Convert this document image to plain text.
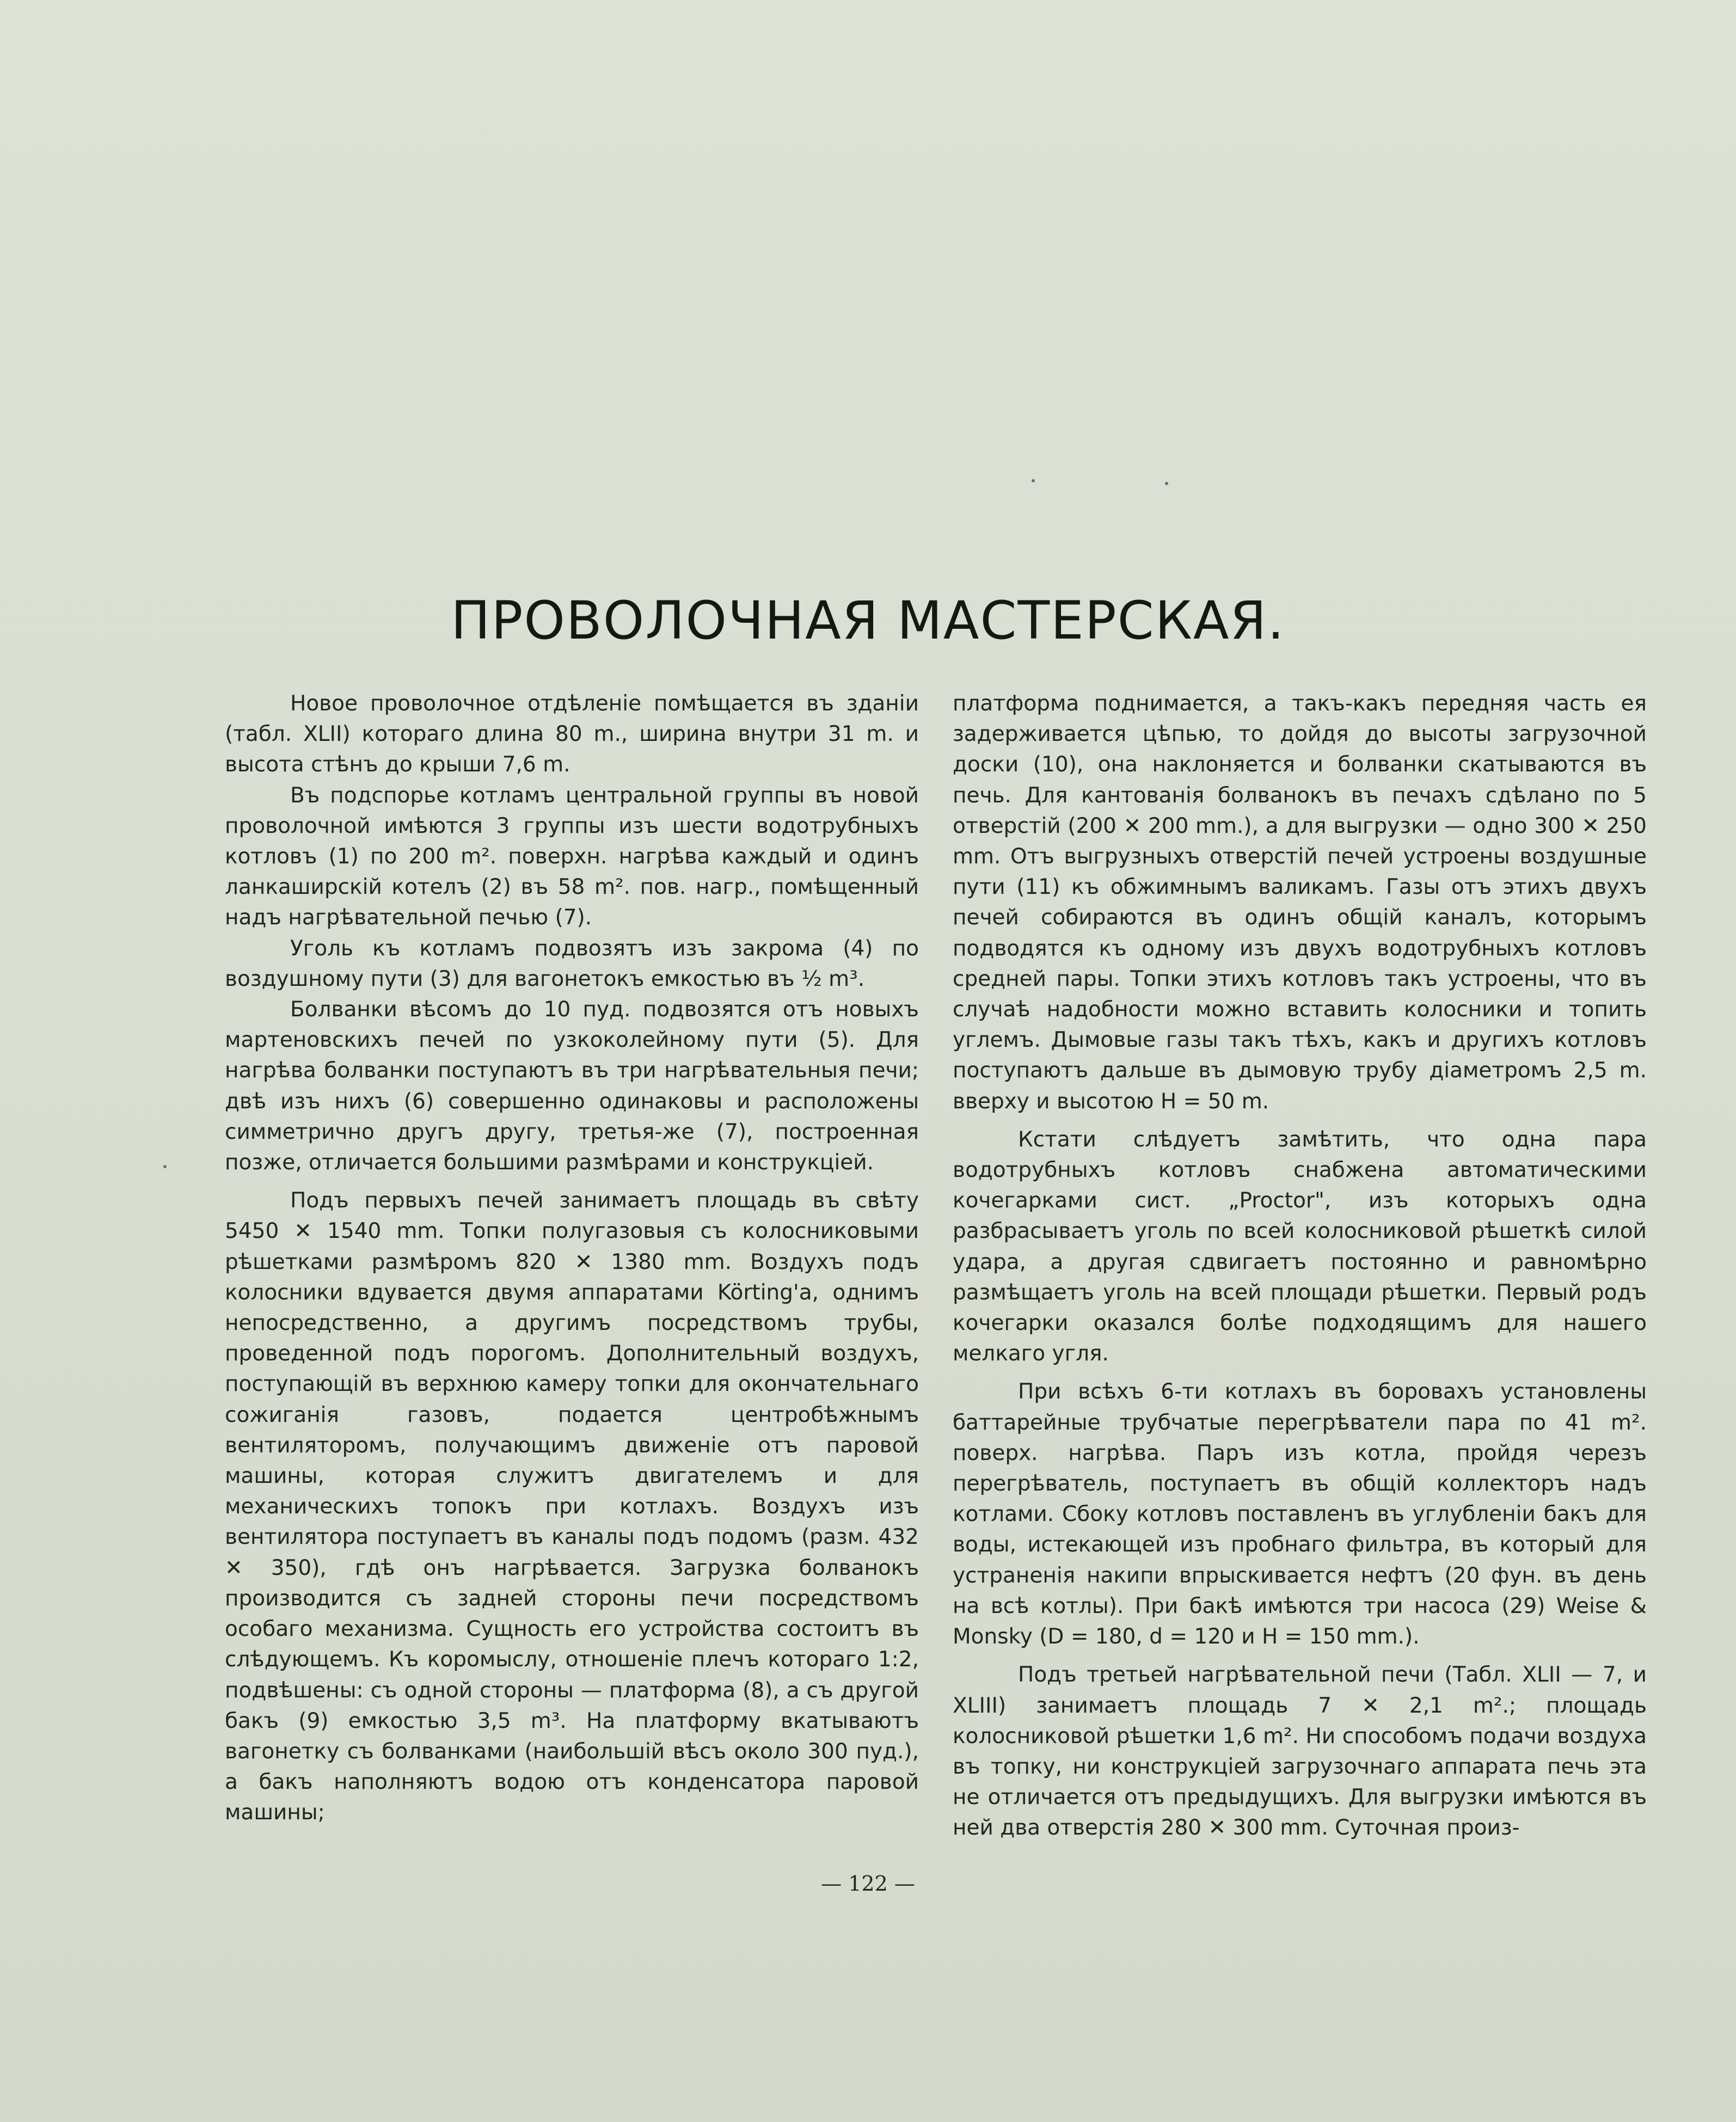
ПРОВОЛОЧНАЯ МАСТЕРСКАЯ.

Новое проволочное отдѣленіе помѣщается въ зданіи (табл. XLII) котораго длина 80 m., ширина внутри 31 m. и высота стѣнъ до крыши 7,6 m.

Въ подспорье котламъ центральной группы въ новой проволочной имѣются 3 группы изъ шести водотрубныхъ котловъ (1) по 200 m². поверхн. нагрѣва каждый и одинъ ланкаширскій котелъ (2) въ 58 m². пов. нагр., помѣщенный надъ нагрѣвательной печью (7).

Уголь къ котламъ подвозятъ изъ закрома (4) по воздушному пути (3) для вагонетокъ емкостью въ ½ m³.

Болванки вѣсомъ до 10 пуд. подвозятся отъ новыхъ мартеновскихъ печей по узкоколейному пути (5). Для нагрѣва болванки поступаютъ въ три нагрѣвательныя печи; двѣ изъ нихъ (6) совершенно одинаковы и расположены симметрично другъ другу, третья-же (7), построенная позже, отличается большими размѣрами и конструкціей.

Подъ первыхъ печей занимаетъ площадь въ свѣту 5450 ✕ 1540 mm. Топки полугазовыя съ колосниковыми рѣшетками размѣромъ 820 ✕ 1380 mm. Воздухъ подъ колосники вдувается двумя аппаратами Körting'a, однимъ непосредственно, а другимъ посредствомъ трубы, проведенной подъ порогомъ. Дополнительный воздухъ, поступающій въ верхнюю камеру топки для окончательнаго сожиганія газовъ, подается центробѣжнымъ вентиляторомъ, получающимъ движеніе отъ паровой машины, которая служитъ двигателемъ и для механическихъ топокъ при котлахъ. Воздухъ изъ вентилятора поступаетъ въ каналы подъ подомъ (разм. 432 ✕ 350), гдѣ онъ нагрѣвается. Загрузка болванокъ производится съ задней стороны печи посредствомъ особаго механизма. Сущность его устройства состоитъ въ слѣдующемъ. Къ коромыслу, отношеніе плечъ котораго 1:2, подвѣшены: съ одной стороны — платформа (8), а съ другой бакъ (9) емкостью 3,5 m³. На платформу вкатываютъ вагонетку съ болванками (наибольшій вѣсъ около 300 пуд.), а бакъ наполняютъ водою отъ конденсатора паровой машины;

платформа поднимается, а такъ-какъ передняя часть ея задерживается цѣпью, то дойдя до высоты загрузочной доски (10), она наклоняется и болванки скатываются въ печь. Для кантованія болванокъ въ печахъ сдѣлано по 5 отверстій (200 ✕ 200 mm.), а для выгрузки — одно 300 ✕ 250 mm. Отъ выгрузныхъ отверстій печей устроены воздушные пути (11) къ обжимнымъ валикамъ. Газы отъ этихъ двухъ печей собираются въ одинъ общій каналъ, которымъ подводятся къ одному изъ двухъ водотрубныхъ котловъ средней пары. Топки этихъ котловъ такъ устроены, что въ случаѣ надобности можно вставить колосники и топить углемъ. Дымовые газы такъ тѣхъ, какъ и другихъ котловъ поступаютъ дальше въ дымовую трубу діаметромъ 2,5 m. вверху и высотою H = 50 m.

Кстати слѣдуетъ замѣтить, что одна пара водотрубныхъ котловъ снабжена автоматическими кочегарками сист. „Proctor", изъ которыхъ одна разбрасываетъ уголь по всей колосниковой рѣшеткѣ силой удара, а другая сдвигаетъ постоянно и равномѣрно размѣщаетъ уголь на всей площади рѣшетки. Первый родъ кочегарки оказался болѣе подходящимъ для нашего мелкаго угля.

При всѣхъ 6-ти котлахъ въ боровахъ установлены баттарейные трубчатые перегрѣватели пара по 41 m². поверх. нагрѣва. Паръ изъ котла, пройдя черезъ перегрѣватель, поступаетъ въ общій коллекторъ надъ котлами. Сбоку котловъ поставленъ въ углубленіи бакъ для воды, истекающей изъ пробнаго фильтра, въ который для устраненія накипи впрыскивается нефтъ (20 фун. въ день на всѣ котлы). При бакѣ имѣются три насоса (29) Weise & Monsky (D = 180, d = 120 и H = 150 mm.).

Подъ третьей нагрѣвательной печи (Табл. XLII — 7, и XLIII) занимаетъ площадь 7 ✕ 2,1 m².; площадь колосниковой рѣшетки 1,6 m². Ни способомъ подачи воздуха въ топку, ни конструкціей загрузочнаго аппарата печь эта не отличается отъ предыдущихъ. Для выгрузки имѣются въ ней два отверстія 280 ✕ 300 mm. Суточная произ-

— 122 —
